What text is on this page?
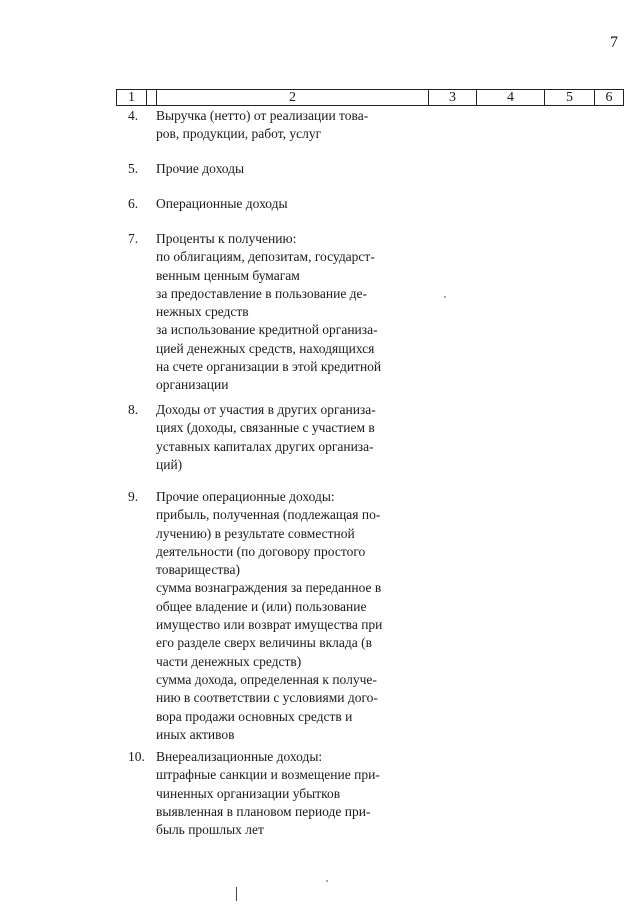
7
1	2	3	4	5	6
4.	Выручка (нетто) от реализации това-
ров, продукции, работ, услуг
5.	Прочие доходы
6.	Операционные доходы
7.	Проценты к получению:
по облигациям, депозитам, государст-
венным ценным бумагам
за предоставление в пользование де-
нежных средств
за использование кредитной организа-
цией денежных средств, находящихся
на счете организации в этой кредитной
организации
8.	Доходы от участия в других организа-
циях (доходы, связанные с участием в
уставных капиталах других организа-
ций)
9.	Прочие операционные доходы:
прибыль, полученная (подлежащая по-
лучению) в результате совместной
деятельности (по договору простого
товарищества)
сумма вознаграждения за переданное в
общее владение и (или) пользование
имущество или возврат имущества при
его разделе сверх величины вклада (в
части денежных средств)
сумма дохода, определенная к получе-
нию в соответствии с условиями дого-
вора продажи основных средств и
иных активов
10. Внереализационные доходы:
штрафные санкции и возмещение при-
чиненных организации убытков
выявленная в плановом периоде при-
быль прошлых лет
